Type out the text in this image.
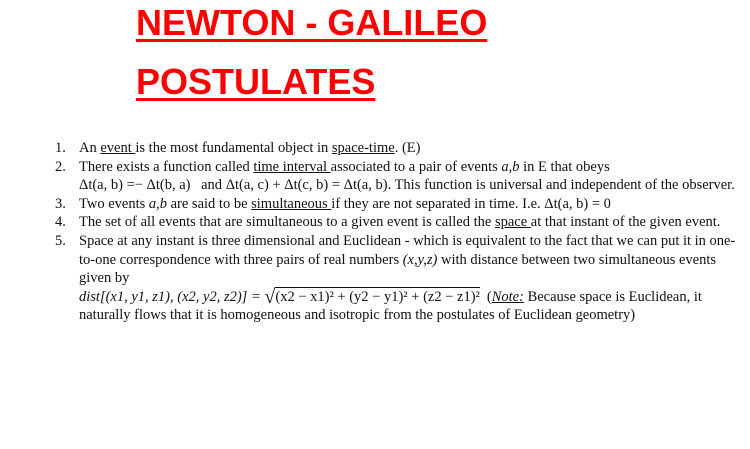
NEWTON - GALILEO
POSTULATES
1. An event is the most fundamental object in space-time. (E)
2. There exists a function called time interval associated to a pair of events a,b in E that obeys
Δt(a, b) =− Δt(b, a) and Δt(a, c) + Δt(c, b) = Δt(a, b). This function is universal and independent of the observer.
3. Two events a,b are said to be simultaneous if they are not separated in time. I.e. Δt(a, b) = 0
4. The set of all events that are simultaneous to a given event is called the space at that instant of the given event.
5. Space at any instant is three dimensional and Euclidean - which is equivalent to the fact that we can put it in one-to-one correspondence with three pairs of real numbers (x,y,z) with distance between two simultaneous events given by
dist[(x1, y1, z1), (x2, y2, z2)] = √(x2 − x1)² + (y2 − y1)² + (z2 − z1)² (Note: Because space is Euclidean, it naturally flows that it is homogeneous and isotropic from the postulates of Euclidean geometry)
